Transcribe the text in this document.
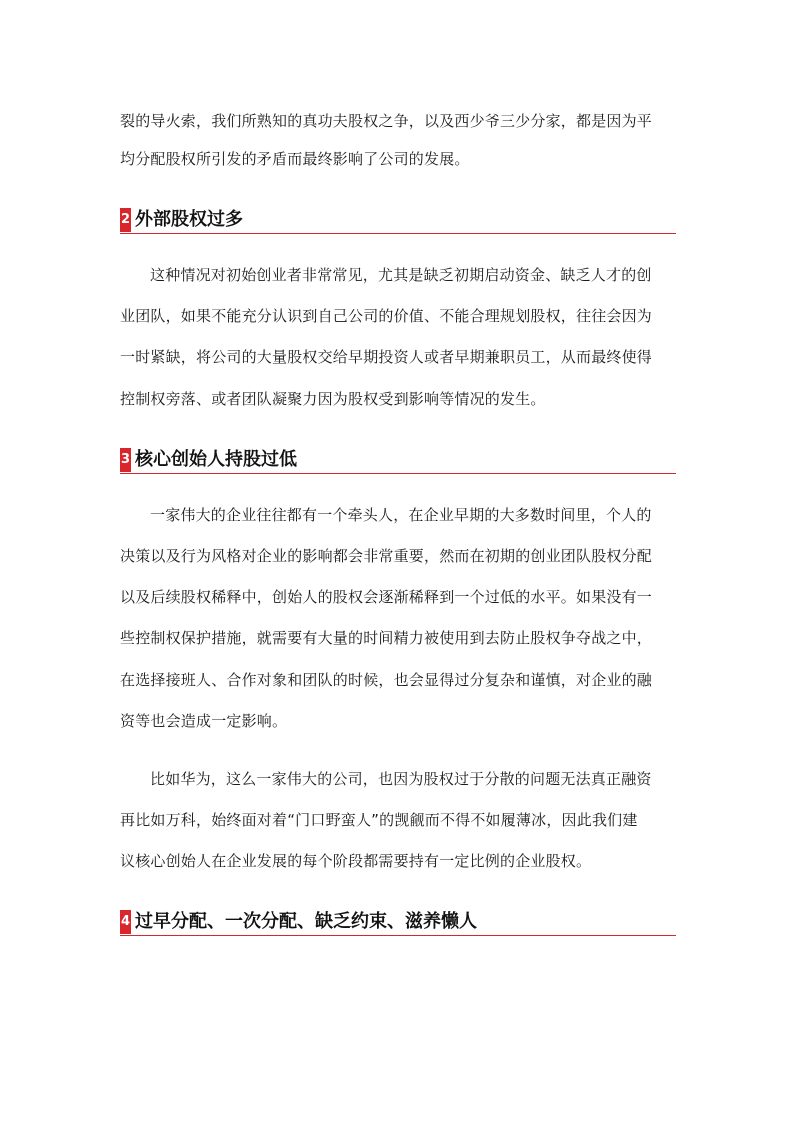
裂的导火索，我们所熟知的真功夫股权之争，以及西少爷三少分家，都是因为平
均分配股权所引发的矛盾而最终影响了公司的发展。
2 外部股权过多
这种情况对初始创业者非常常见，尤其是缺乏初期启动资金、缺乏人才的创
业团队，如果不能充分认识到自己公司的价值、不能合理规划股权，往往会因为
一时紧缺，将公司的大量股权交给早期投资人或者早期兼职员工，从而最终使得
控制权旁落、或者团队凝聚力因为股权受到影响等情况的发生。
3 核心创始人持股过低
一家伟大的企业往往都有一个牵头人，在企业早期的大多数时间里，个人的
决策以及行为风格对企业的影响都会非常重要，然而在初期的创业团队股权分配
以及后续股权稀释中，创始人的股权会逐渐稀释到一个过低的水平。如果没有一
些控制权保护措施，就需要有大量的时间精力被使用到去防止股权争夺战之中，
在选择接班人、合作对象和团队的时候，也会显得过分复杂和谨慎，对企业的融
资等也会造成一定影响。
比如华为，这么一家伟大的公司，也因为股权过于分散的问题无法真正融资
再比如万科，始终面对着“门口野蛮人”的觊觎而不得不如履薄冰，因此我们建
议核心创始人在企业发展的每个阶段都需要持有一定比例的企业股权。
4 过早分配、一次分配、缺乏约束、滋养懒人
